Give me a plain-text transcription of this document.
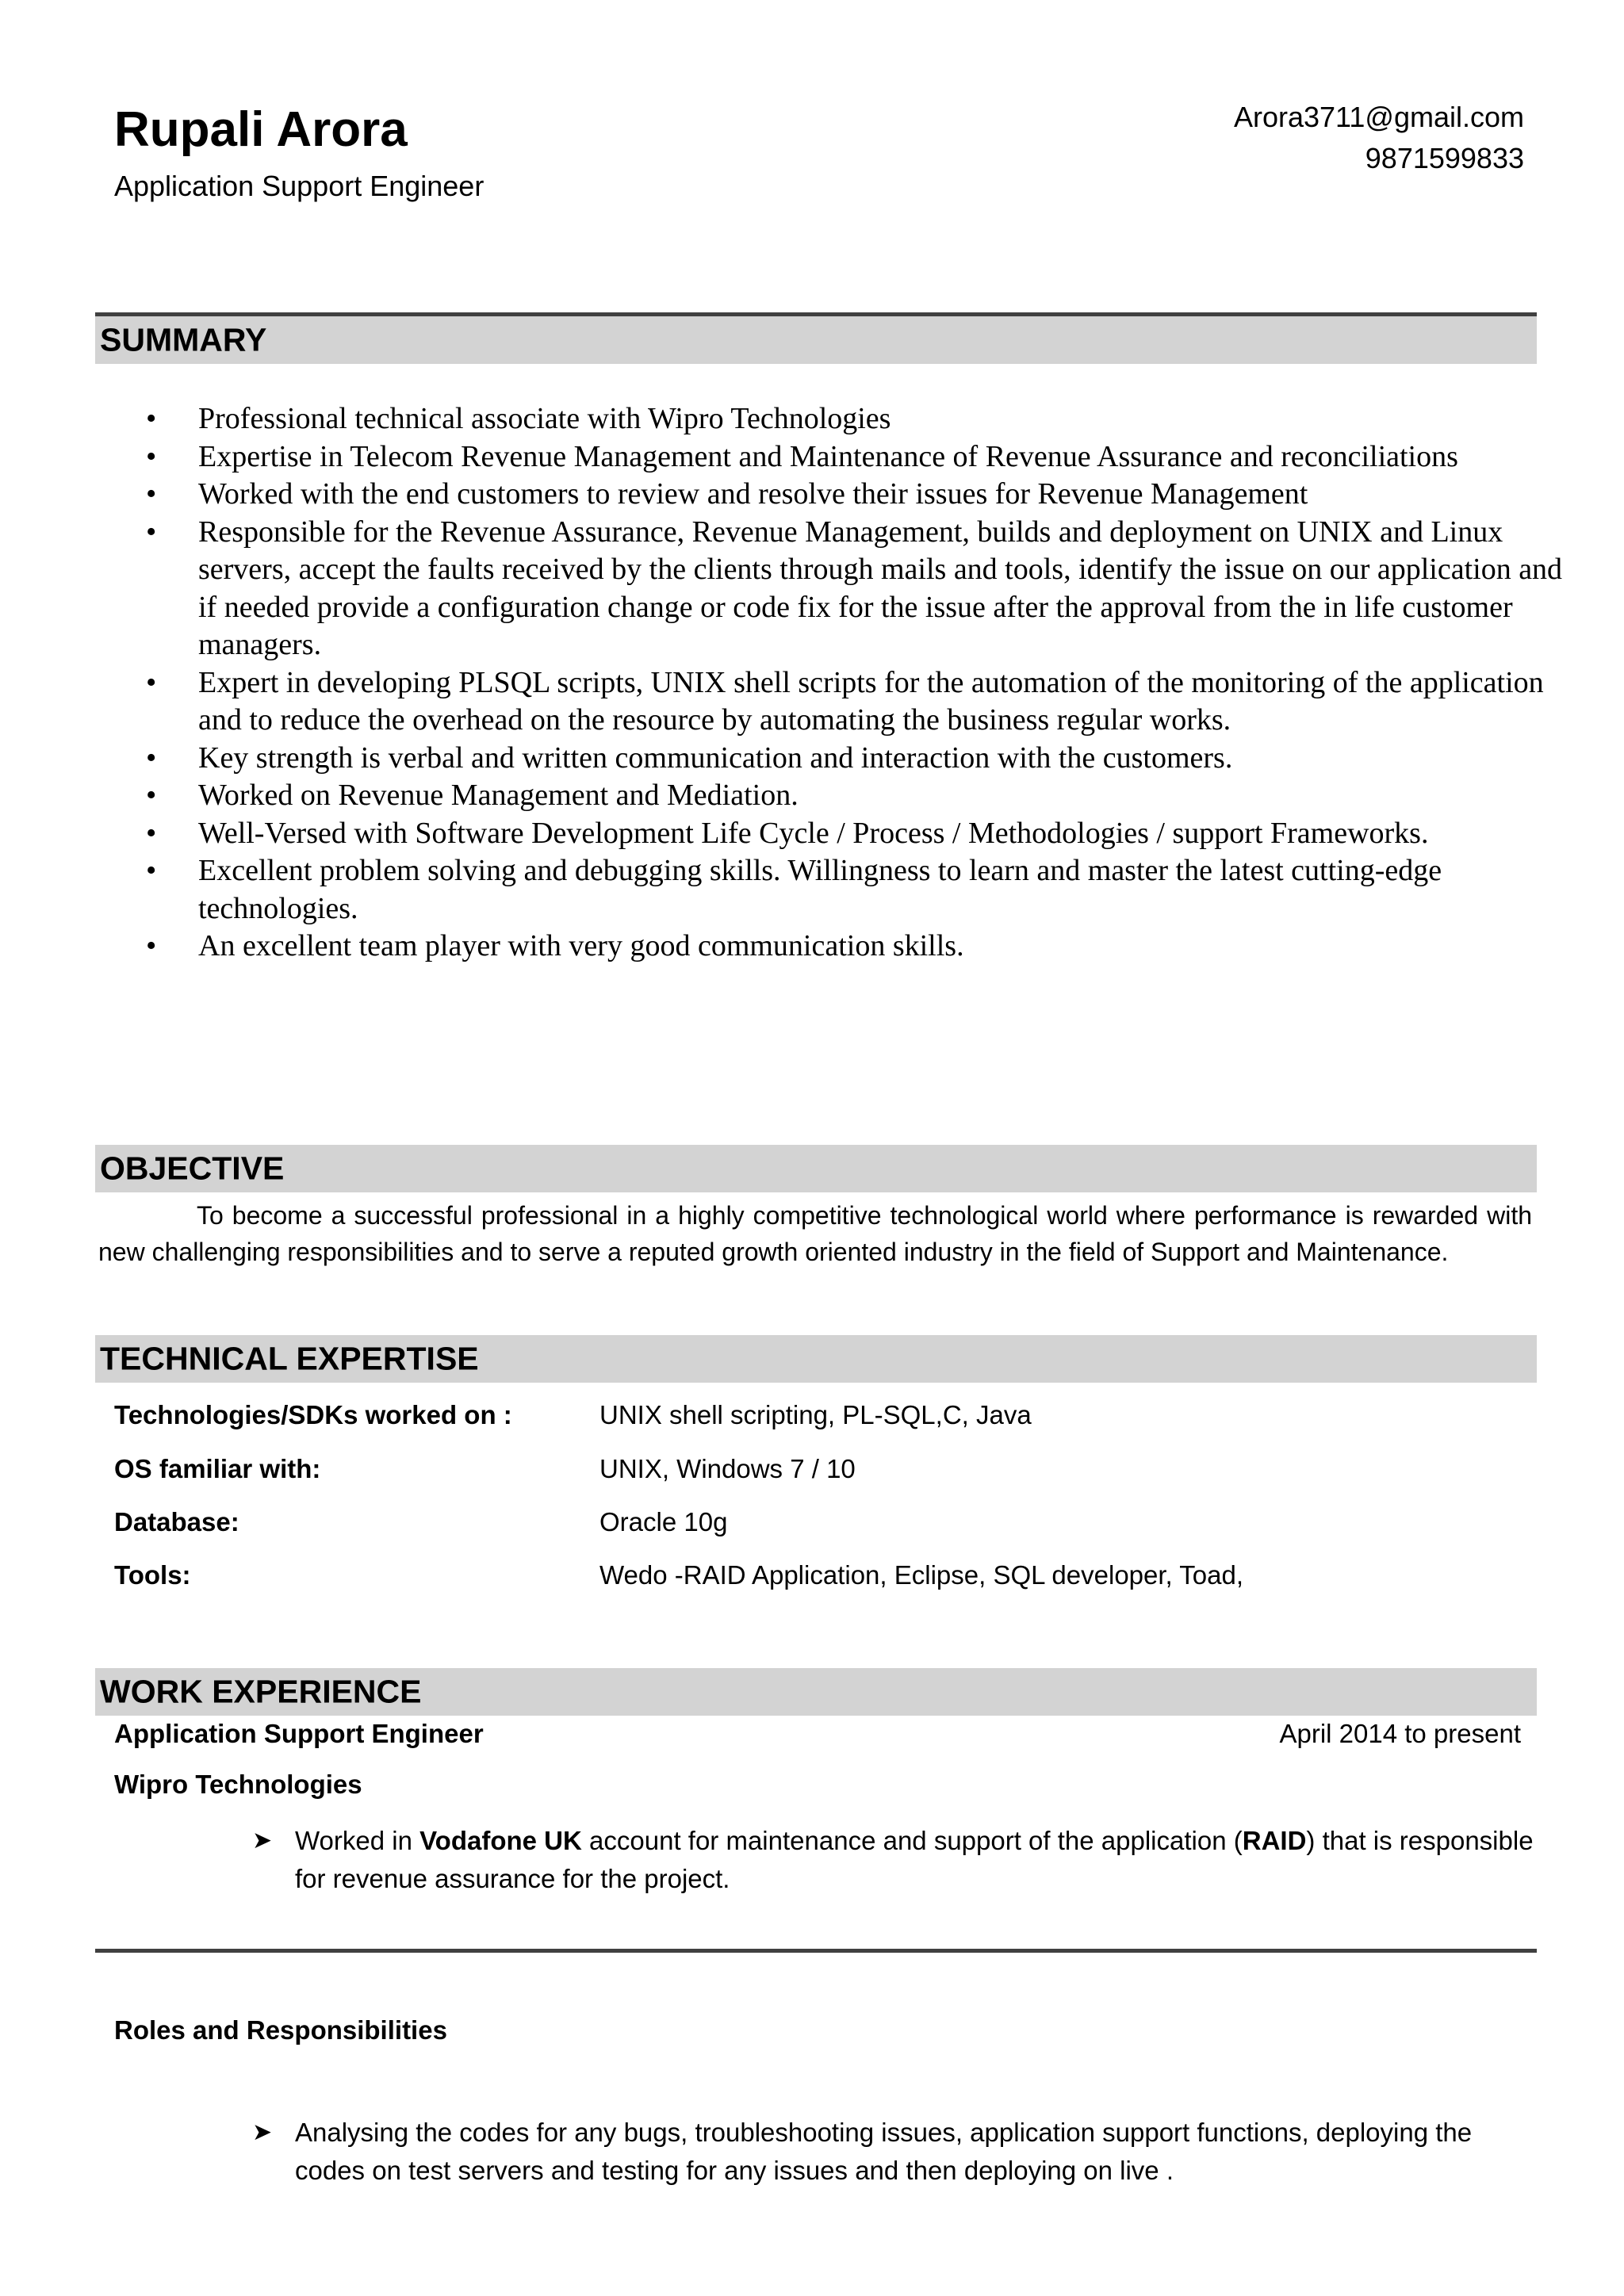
Rupali Arora
Application Support Engineer
Arora3711@gmail.com
9871599833
SUMMARY
• Professional technical associate with Wipro Technologies
• Expertise in Telecom Revenue Management and Maintenance of Revenue Assurance and reconciliations
• Worked with the end customers to review and resolve their issues for Revenue Management
• Responsible for the Revenue Assurance, Revenue Management, builds and deployment on UNIX and Linux servers, accept the faults received by the clients through mails and tools, identify the issue on our application and if needed provide a configuration change or code fix for the issue after the approval from the in life customer managers.
• Expert in developing PLSQL scripts, UNIX shell scripts for the automation of the monitoring of the application and to reduce the overhead on the resource by automating the business regular works.
• Key strength is verbal and written communication and interaction with the customers.
• Worked on Revenue Management and Mediation.
• Well-Versed with Software Development Life Cycle / Process / Methodologies / support Frameworks.
• Excellent problem solving and debugging skills. Willingness to learn and master the latest cutting-edge technologies.
• An excellent team player with very good communication skills.
OBJECTIVE
To become a successful professional in a highly competitive technological world where performance is rewarded with new challenging responsibilities and to serve a reputed growth oriented industry in the field of Support and Maintenance.
TECHNICAL EXPERTISE
Technologies/SDKs worked on :	UNIX shell scripting, PL-SQL,C, Java
OS familiar with:	UNIX, Windows 7 / 10
Database:	Oracle 10g
Tools:	Wedo -RAID Application, Eclipse, SQL developer, Toad,
WORK EXPERIENCE
Application Support Engineer	April 2014 to present
Wipro Technologies
➤ Worked in Vodafone UK account for maintenance and support of the application (RAID) that is responsible for revenue assurance for the project.
Roles and Responsibilities
➤ Analysing the codes for any bugs, troubleshooting issues, application support functions, deploying the codes on test servers and testing for any issues and then deploying on live .
